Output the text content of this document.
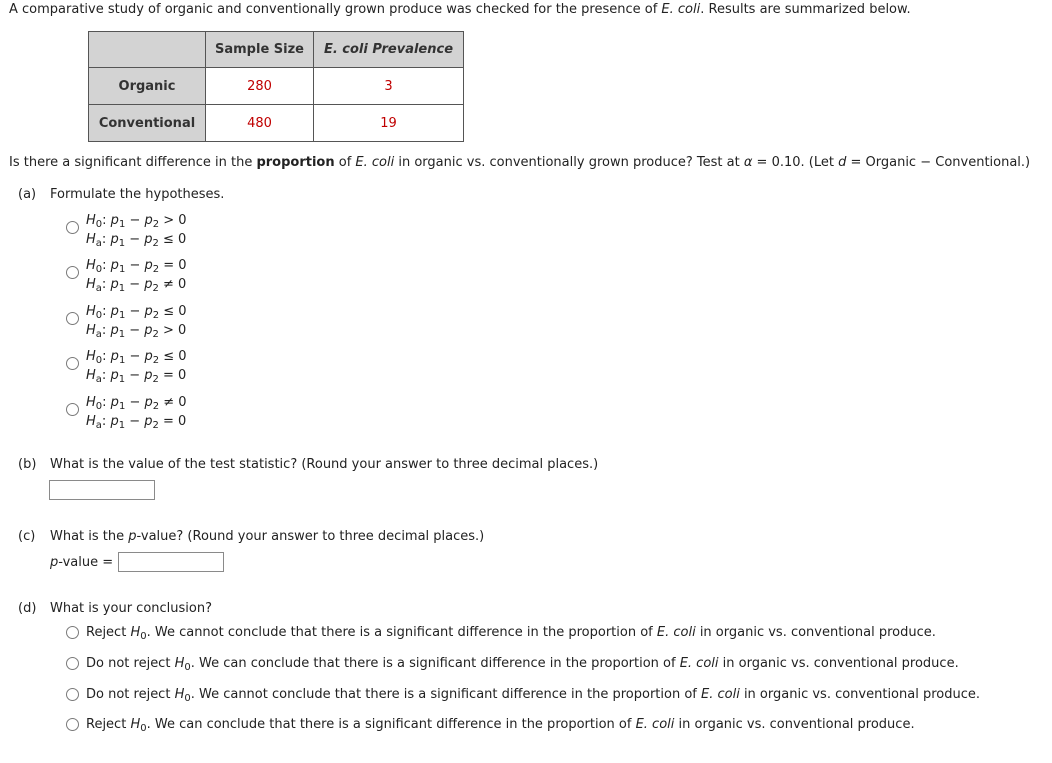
A comparative study of organic and conventionally grown produce was checked for the presence of E. coli. Results are summarized below.
	Sample Size	E. coli Prevalence
Organic	280	3
Conventional	480	19
Is there a significant difference in the proportion of E. coli in organic vs. conventionally grown produce? Test at α = 0.10. (Let d = Organic − Conventional.)
(a) Formulate the hypotheses.
$H_0$: $p_1 - p_2 > 0$
$H_a$: $p_1 - p_2 \le 0$
$H_0$: $p_1 - p_2 = 0$
$H_a$: $p_1 - p_2 \ne 0$
$H_0$: $p_1 - p_2 \le 0$
$H_a$: $p_1 - p_2 > 0$
$H_0$: $p_1 - p_2 \le 0$
$H_a$: $p_1 - p_2 = 0$
$H_0$: $p_1 - p_2 \ne 0$
$H_a$: $p_1 - p_2 = 0$
(b) What is the value of the test statistic? (Round your answer to three decimal places.)
(c) What is the p-value? (Round your answer to three decimal places.)
p-value =
(d) What is your conclusion?
Reject $H_0$. We cannot conclude that there is a significant difference in the proportion of E. coli in organic vs. conventional produce.
Do not reject $H_0$. We can conclude that there is a significant difference in the proportion of E. coli in organic vs. conventional produce.
Do not reject $H_0$. We cannot conclude that there is a significant difference in the proportion of E. coli in organic vs. conventional produce.
Reject $H_0$. We can conclude that there is a significant difference in the proportion of E. coli in organic vs. conventional produce.
